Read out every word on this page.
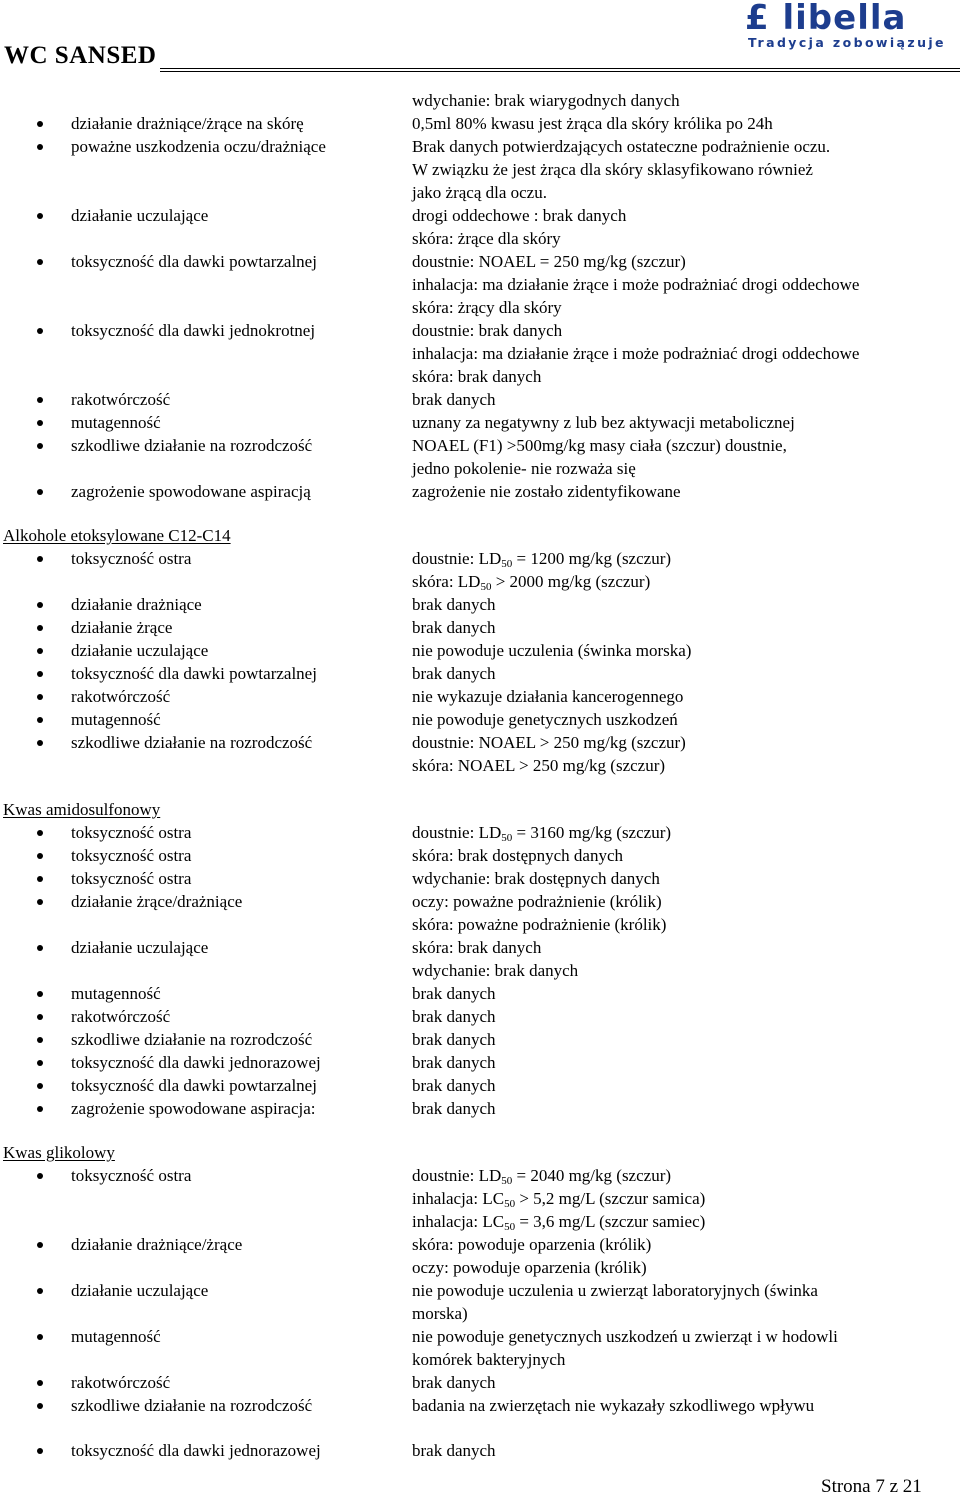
WC SANSED
£ libella
Tradycja zobowiązuje
wdychanie: brak wiarygodnych danych
działanie drażniące/żrące na skórę	0,5ml 80% kwasu jest żrąca dla skóry królika po 24h
poważne uszkodzenia oczu/drażniące	Brak danych potwierdzających ostateczne podrażnienie oczu.
W związku że jest żrąca dla skóry sklasyfikowano również
jako żrącą dla oczu.
działanie uczulające	drogi oddechowe : brak danych
skóra: żrące dla skóry
toksyczność dla dawki powtarzalnej	doustnie: NOAEL = 250 mg/kg (szczur)
inhalacja: ma działanie żrące i może podrażniać drogi oddechowe
skóra: żrący dla skóry
toksyczność dla dawki jednokrotnej	doustnie: brak danych
inhalacja: ma działanie żrące i może podrażniać drogi oddechowe
skóra: brak danych
rakotwórczość	brak danych
mutagenność	uznany za negatywny z lub bez aktywacji metabolicznej
szkodliwe działanie na rozrodczość	NOAEL (F1) >500mg/kg masy ciała (szczur) doustnie,
jedno pokolenie- nie rozważa się
zagrożenie spowodowane aspiracją	zagrożenie nie zostało zidentyfikowane
Alkohole etoksylowane C12-C14
toksyczność ostra	doustnie: $LD_{50} = 1200$ mg/kg (szczur)
skóra: $LD_{50} > 2000$ mg/kg (szczur)
działanie drażniące	brak danych
działanie żrące	brak danych
działanie uczulające	nie powoduje uczulenia (świnka morska)
toksyczność dla dawki powtarzalnej	brak danych
rakotwórczość	nie wykazuje działania kancerogennego
mutagenność	nie powoduje genetycznych uszkodzeń
szkodliwe działanie na rozrodczość	doustnie: NOAEL > 250 mg/kg (szczur)
skóra: NOAEL > 250 mg/kg (szczur)
Kwas amidosulfonowy
toksyczność ostra	doustnie: $LD_{50} = 3160$ mg/kg (szczur)
toksyczność ostra	skóra: brak dostępnych danych
toksyczność ostra	wdychanie: brak dostępnych danych
działanie żrące/drażniące	oczy: poważne podrażnienie (królik)
skóra: poważne podrażnienie (królik)
działanie uczulające	skóra: brak danych
wdychanie: brak danych
mutagenność	brak danych
rakotwórczość	brak danych
szkodliwe działanie na rozrodczość	brak danych
toksyczność dla dawki jednorazowej	brak danych
toksyczność dla dawki powtarzalnej	brak danych
zagrożenie spowodowane aspiracja:	brak danych
Kwas glikolowy
toksyczność ostra	doustnie: $LD_{50} = 2040$ mg/kg (szczur)
inhalacja: $LC_{50} > 5,2$ mg/L (szczur samica)
inhalacja: $LC_{50} = 3,6$ mg/L (szczur samiec)
działanie drażniące/żrące	skóra: powoduje oparzenia (królik)
oczy: powoduje oparzenia (królik)
działanie uczulające	nie powoduje uczulenia u zwierząt laboratoryjnych (świnka
morska)
mutagenność	nie powoduje genetycznych uszkodzeń u zwierząt i w hodowli
komórek bakteryjnych
rakotwórczość	brak danych
szkodliwe działanie na rozrodczość	badania na zwierzętach nie wykazały szkodliwego wpływu
toksyczność dla dawki jednorazowej	brak danych
Strona 7 z 21
